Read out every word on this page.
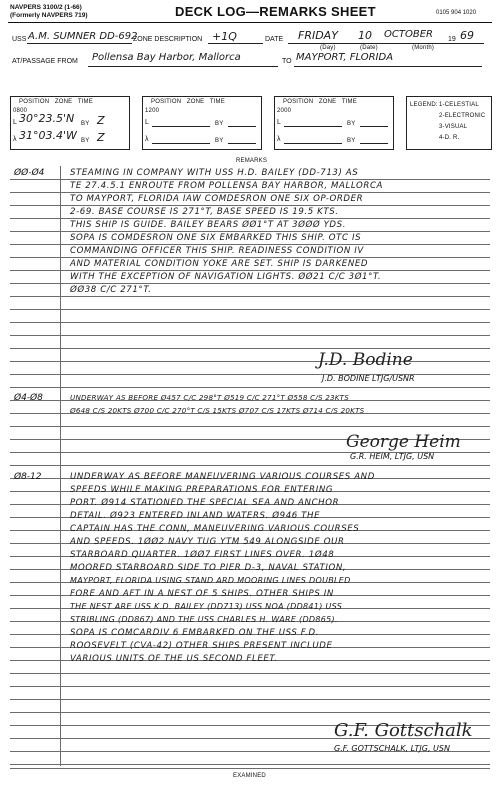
NAVPERS 3100/2 (1-66)
(Formerly NAVPERS 719)	DECK LOG—REMARKS SHEET	0105 904 1020
USS A.M. SUMNER DD-692
ZONE DESCRIPTION +1Q	DATE FRIDAY 10 OCTOBER 19 69
(Day)	(Date)	(Month)
AT/PASSAGE FROM Pollensa Bay Harbor, Mallorca	TO MAYPORT, FLORIDA
POSITION   ZONE   TIME
0800
L 30°23.5'N BY Z
λ 31°03.4'W BY Z
POSITION   ZONE   TIME
1200
L	BY
λ	BY
POSITION   ZONE   TIME
2000
L	BY
λ	BY
LEGEND: 1-CELESTIAL
2-ELECTRONIC
3-VISUAL
4-D. R.
REMARKS
ØØ-Ø4	STEAMING IN COMPANY WITH USS H.D. BAILEY (DD-713) AS
TE 27.4.5.1 ENROUTE FROM POLLENSA BAY HARBOR, MALLORCA
TO MAYPORT, FLORIDA IAW COMDESRON ONE SIX OP-ORDER
2-69. BASE COURSE IS 271°T, BASE SPEED IS 19.5 KTS.
THIS SHIP IS GUIDE. BAILEY BEARS ØØ1°T AT 3ØØØ YDS.
SOPA IS COMDESRON ONE SIX EMBARKED THIS SHIP. OTC IS
COMMANDING OFFICER THIS SHIP. READINESS CONDITION IV
AND MATERIAL CONDITION YOKE ARE SET. SHIP IS DARKENED
WITH THE EXCEPTION OF NAVIGATION LIGHTS. ØØ21 C/C 3Ø1°T.
ØØ38 C/C 271°T.
J.D. Bodine
J.D. BODINE LTJG/USNR
Ø4-Ø8	UNDERWAY AS BEFORE Ø457 C/C 298°T Ø519 C/C 271°T Ø558 C/S 23KTS
Ø648 C/S 20KTS Ø700 C/C 270°T C/S 15KTS Ø707 C/S 17KTS Ø714 C/S 20KTS
George Heim
G.R. HEIM, LTJG, USN
Ø8-12	UNDERWAY AS BEFORE MANEUVERING VARIOUS COURSES AND
SPEEDS WHILE MAKING PREPARATIONS FOR ENTERING
PORT. Ø914 STATIONED THE SPECIAL SEA AND ANCHOR
DETAIL. Ø923 ENTERED INLAND WATERS. Ø946 THE
CAPTAIN HAS THE CONN, MANEUVERING VARIOUS COURSES
AND SPEEDS. 1ØØ2 NAVY TUG YTM 549 ALONGSIDE OUR
STARBOARD QUARTER. 1ØØ7 FIRST LINES OVER. 1Ø48
MOORED STARBOARD SIDE TO PIER D-3, NAVAL STATION,
MAYPORT, FLORIDA USING STAND ARD MOORING LINES DOUBLED
FORE AND AFT IN A NEST OF 5 SHIPS. OTHER SHIPS IN
THE NEST ARE USS K.D. BAILEY (DD713) USS NOA (DD841) USS
STRIBLING (DD867) AND THE USS CHARLES H. WARE (DD865).
SOPA IS COMCARDIV 6 EMBARKED ON THE USS F.D.
ROOSEVELT (CVA-42) OTHER SHIPS PRESENT INCLUDE
VARIOUS UNITS OF THE US SECOND FLEET.
G.F. Gottschalk
G.F. GOTTSCHALK, LTJG, USN
EXAMINED
